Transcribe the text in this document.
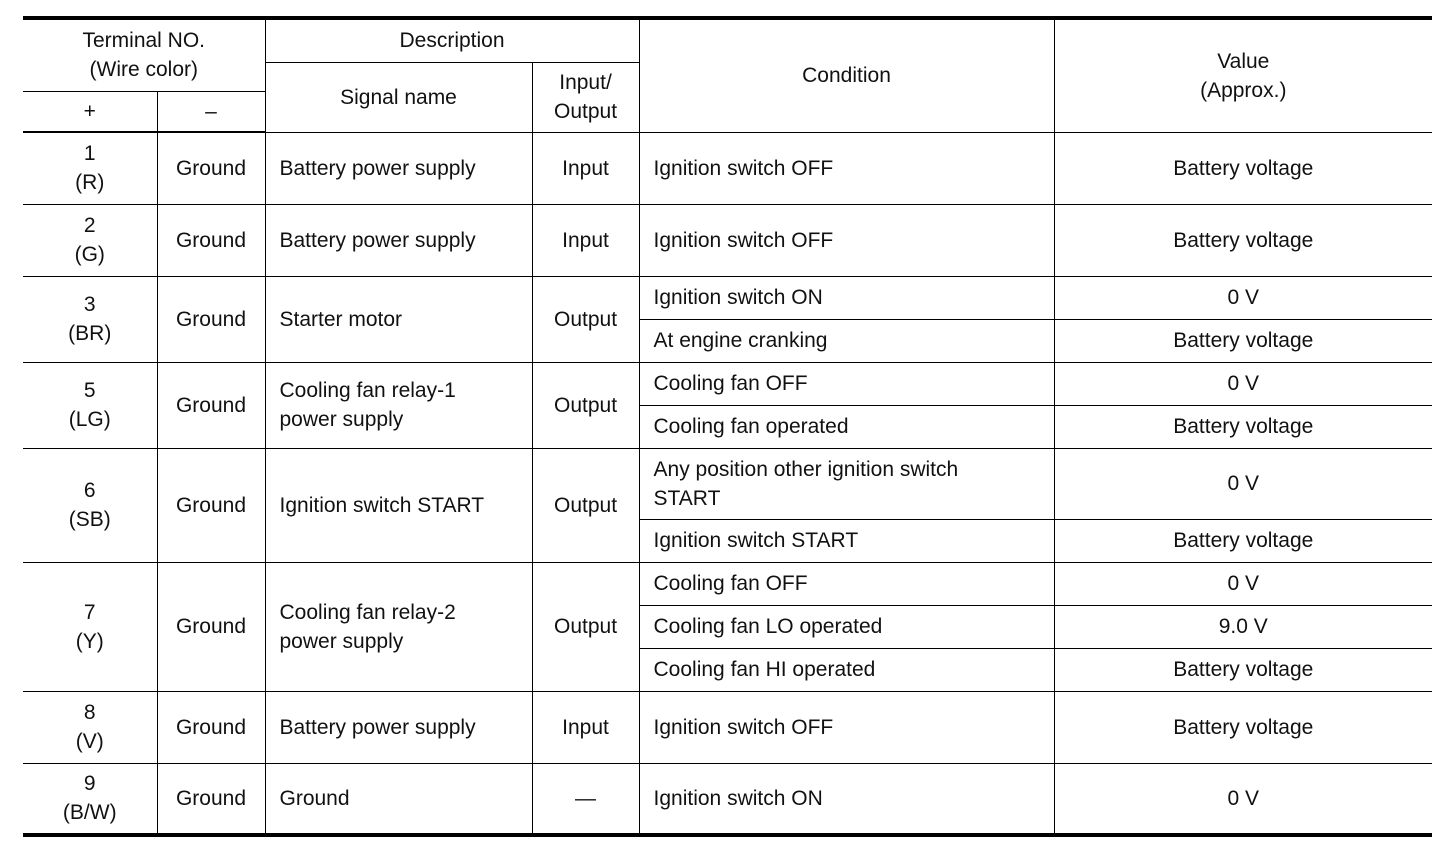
Terminal NO.
(Wire color)		Description		Condition	Value
(Approx.)

		Signal name	Input/
Output		

+	–				

1
(R)	Ground	Battery power supply	Input	Ignition switch OFF	Battery voltage

2
(G)	Ground	Battery power supply	Input	Ignition switch OFF	Battery voltage

3
(BR)	Ground	Starter motor	Output	Ignition switch ON	0 V

				At engine cranking	Battery voltage

5
(LG)	Ground	Cooling fan relay-1
power supply	Output	Cooling fan OFF	0 V

				Cooling fan operated	Battery voltage

6
(SB)	Ground	Ignition switch START	Output	Any position other ignition switch
START	0 V

				Ignition switch START	Battery voltage

7
(Y)	Ground	Cooling fan relay-2
power supply	Output	Cooling fan OFF	0 V

				Cooling fan LO operated	9.0 V

				Cooling fan HI operated	Battery voltage

8
(V)	Ground	Battery power supply	Input	Ignition switch OFF	Battery voltage

9
(B/W)	Ground	Ground	—	Ignition switch ON	0 V
